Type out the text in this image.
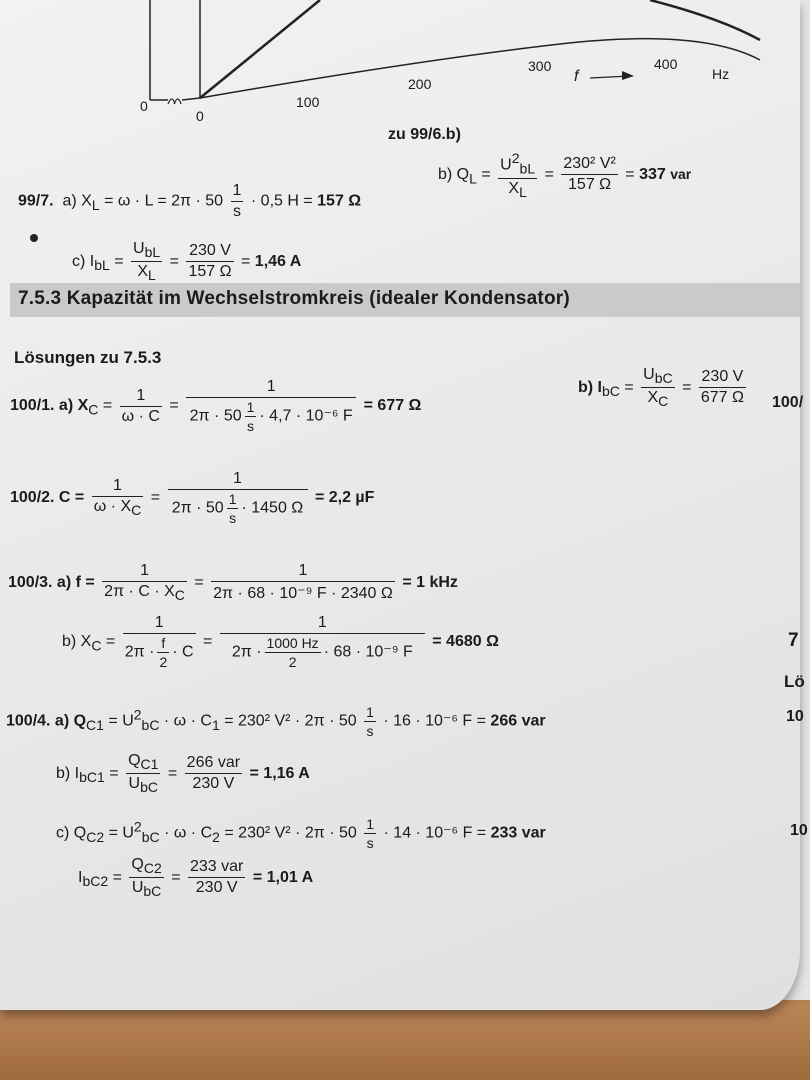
0
0
100
200
300	400
f	Hz
zu 99/6.b)
99/7. a) $X_L = \omega \cdot L = 2\pi \cdot 50 \frac{1}{s} \cdot 0,5$ H = 157 Ω
c) $I_{bL} = \frac{U_{bL}}{X_L} = \frac{230 V}{157 \Omega} = 1,46$ A
b) $Q_L = \frac{U^2_{bL}}{X_L} = \frac{\text{230² V²}}{157 \Omega} = 337$ var
7.5.3 Kapazität im Wechselstromkreis (idealer Kondensator)
Lösungen zu 7.5.3
100/1. a) $X_C = \frac{1}{\omega \cdot C} = \frac{1}{2\pi \cdot 50 \frac{1}{s} \cdot 4,7 \cdot 10^{-6} F} = 677$ Ω
b) $I_{bC} = \frac{U_{bC}}{X_C} = \frac{230 V}{677 \Omega}$
100/2. $C = \frac{1}{\omega \cdot X_C} = \frac{1}{2\pi \cdot 50 \frac{1}{s} \cdot 1450 \Omega} = 2,2$ µF
100/3. a) $f = \frac{1}{2\pi \cdot C \cdot X_C} = \frac{1}{\text{2π · 68 · 10⁻⁹ F · 2340 Ω}} = 1$ kHz
b) $X_C = \frac{1}{2\pi \cdot \frac{f}{2} \cdot C} = \frac{1}{2\pi \cdot \frac{1000 Hz}{2} \cdot 68 \cdot 10^{-9} F} = 4680$ Ω
100/4. a) $Q_{C1} = U^2_{bC} \cdot \omega \cdot C_1 = 230^2$ $V^2 \cdot 2\pi \cdot 50 \frac{1}{s} \cdot 16 \cdot 10^{-6}$ F = 266 var
b) $I_{bC1} = \frac{Q_{C1}}{U_{bC}} = \frac{\text{266 var}}{230 V} = 1,16$ A
c) $Q_{C2} = U^2_{bC} \cdot \omega \cdot C_2 = 230^2$ $V^2 \cdot 2\pi \cdot 50 \frac{1}{s} \cdot 14 \cdot 10^{-6}$ F = 233 var
$I_{bC2} = \frac{Q_{C2}}{U_{bC}} = \frac{\text{233 var}}{230 V} = 1,01$ A
100/
7
Lö
10
10
